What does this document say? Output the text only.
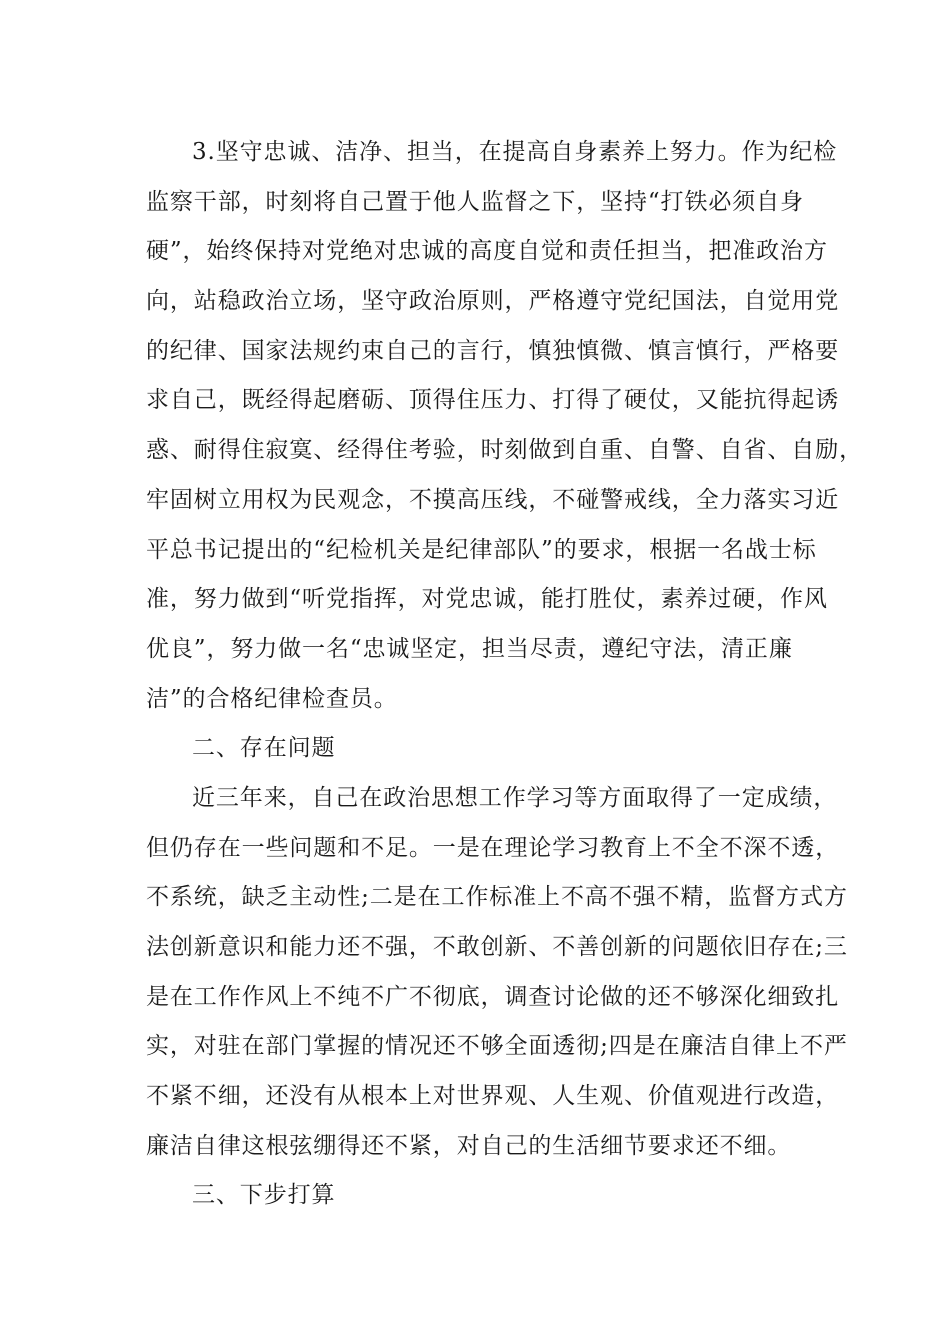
3.坚守忠诚、洁净、担当，在提高自身素养上努力。作为纪检
监察干部，时刻将自己置于他人监督之下，坚持“打铁必须自身
硬”，始终保持对党绝对忠诚的高度自觉和责任担当，把准政治方
向，站稳政治立场，坚守政治原则，严格遵守党纪国法，自觉用党
的纪律、国家法规约束自己的言行，慎独慎微、慎言慎行，严格要
求自己，既经得起磨砺、顶得住压力、打得了硬仗，又能抗得起诱
惑、耐得住寂寞、经得住考验，时刻做到自重、自警、自省、自励，
牢固树立用权为民观念，不摸高压线，不碰警戒线，全力落实习近
平总书记提出的“纪检机关是纪律部队”的要求，根据一名战士标
准，努力做到“听党指挥，对党忠诚，能打胜仗，素养过硬，作风
优良”，努力做一名“忠诚坚定，担当尽责，遵纪守法，清正廉
洁”的合格纪律检查员。
二、存在问题
近三年来，自己在政治思想工作学习等方面取得了一定成绩，
但仍存在一些问题和不足。一是在理论学习教育上不全不深不透，
不系统，缺乏主动性;二是在工作标准上不高不强不精，监督方式方
法创新意识和能力还不强，不敢创新、不善创新的问题依旧存在;三
是在工作作风上不纯不广不彻底，调查讨论做的还不够深化细致扎
实，对驻在部门掌握的情况还不够全面透彻;四是在廉洁自律上不严
不紧不细，还没有从根本上对世界观、人生观、价值观进行改造，
廉洁自律这根弦绷得还不紧，对自己的生活细节要求还不细。
三、下步打算
